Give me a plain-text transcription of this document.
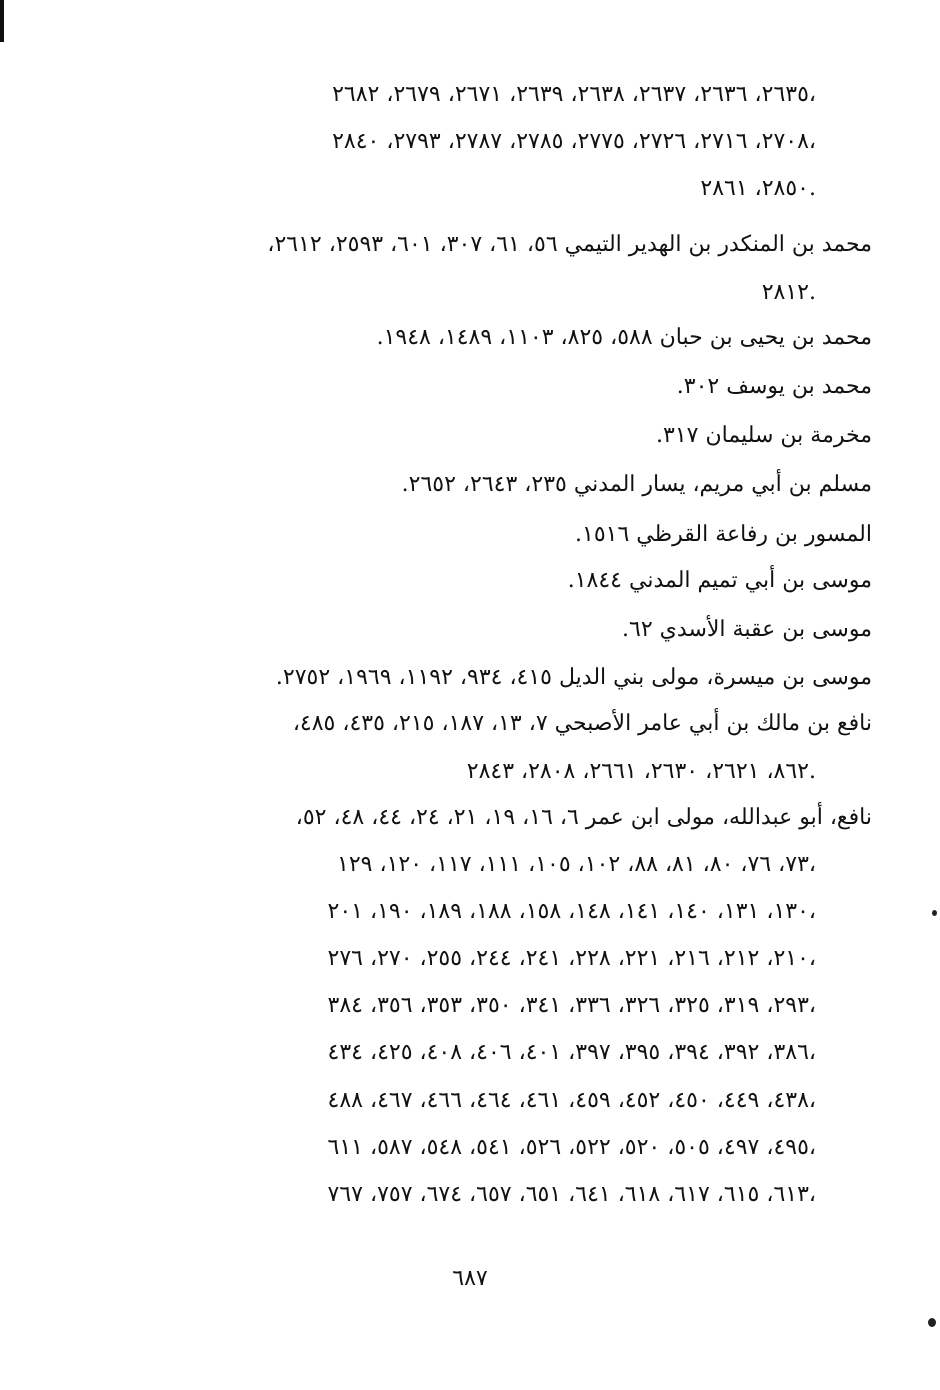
٢٦٣٥، ٢٦٣٦، ٢٦٣٧، ٢٦٣٨، ٢٦٣٩، ٢٦٧١، ٢٦٧٩، ٢٦٨٢،
٢٧٠٨، ٢٧١٦، ٢٧٢٦، ٢٧٧٥، ٢٧٨٥، ٢٧٨٧، ٢٧٩٣، ٢٨٤٠،
٢٨٥٠، ٢٨٦١.
محمد بن المنكدر بن الهدير التيمي ٥٦، ٦١، ٣٠٧، ٦٠١، ٢٥٩٣، ٢٦١٢،
٢٨١٢.
محمد بن يحيى بن حبان ٥٨٨، ٨٢٥، ١١٠٣، ١٤٨٩، ١٩٤٨.
محمد بن يوسف ٣٠٢.
مخرمة بن سليمان ٣١٧.
مسلم بن أبي مريم، يسار المدني ٢٣٥، ٢٦٤٣، ٢٦٥٢.
المسور بن رفاعة القرظي ١٥١٦.
موسى بن أبي تميم المدني ١٨٤٤.
موسى بن عقبة الأسدي ٦٢.
موسى بن ميسرة، مولى بني الديل ٤١٥، ٩٣٤، ١١٩٢، ١٩٦٩، ٢٧٥٢.
نافع بن مالك بن أبي عامر الأصبحي ٧، ١٣، ١٨٧، ٢١٥، ٤٣٥، ٤٨٥،
٨٦٢، ٢٦٢١، ٢٦٣٠، ٢٦٦١، ٢٨٠٨، ٢٨٤٣.
نافع، أبو عبدالله، مولى ابن عمر ٦، ١٦، ١٩، ٢١، ٢٤، ٤٤، ٤٨، ٥٢،
٧٣، ٧٦، ٨٠، ٨١، ٨٨، ١٠٢، ١٠٥، ١١١، ١١٧، ١٢٠، ١٢٩،
١٣٠، ١٣١، ١٤٠، ١٤١، ١٤٨، ١٥٨، ١٨٨، ١٨٩، ١٩٠، ٢٠١،
٢١٠، ٢١٢، ٢١٦، ٢٢١، ٢٢٨، ٢٤١، ٢٤٤، ٢٥٥، ٢٧٠، ٢٧٦،
٢٩٣، ٣١٩، ٣٢٥، ٣٢٦، ٣٣٦، ٣٤١، ٣٥٠، ٣٥٣، ٣٥٦، ٣٨٤،
٣٨٦، ٣٩٢، ٣٩٤، ٣٩٥، ٣٩٧، ٤٠١، ٤٠٦، ٤٠٨، ٤٢٥، ٤٣٤،
٤٣٨، ٤٤٩، ٤٥٠، ٤٥٢، ٤٥٩، ٤٦١، ٤٦٤، ٤٦٦، ٤٦٧، ٤٨٨،
٤٩٥، ٤٩٧، ٥٠٥، ٥٢٠، ٥٢٢، ٥٢٦، ٥٤١، ٥٤٨، ٥٨٧، ٦١١،
٦١٣، ٦١٥، ٦١٧، ٦١٨، ٦٤١، ٦٥١، ٦٥٧، ٦٧٤، ٧٥٧، ٧٦٧،
٦٨٧
